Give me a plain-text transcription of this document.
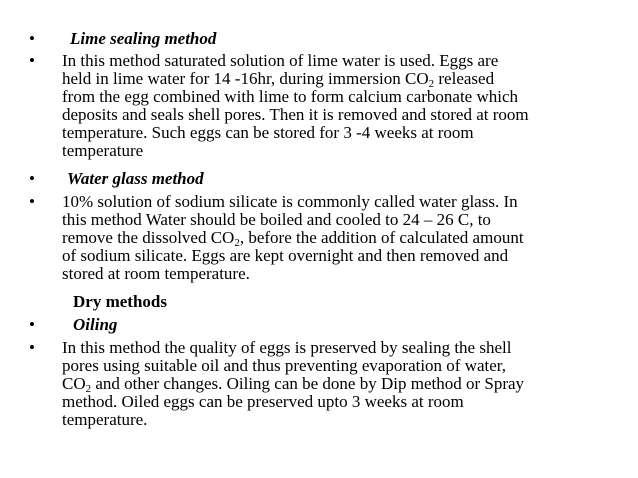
• Lime sealing method
• In this method saturated solution of lime water is used. Eggs are
held in lime water for 14 -16hr, during immersion $CO_2$ released
from the egg combined with lime to form calcium carbonate which
deposits and seals shell pores. Then it is removed and stored at room
temperature. Such eggs can be stored for 3 -4 weeks at room
temperature
• Water glass method
• 10% solution of sodium silicate is commonly called water glass. In
this method Water should be boiled and cooled to 24 – 26 C, to
remove the dissolved $CO_2$, before the addition of calculated amount
of sodium silicate. Eggs are kept overnight and then removed and
stored at room temperature.
Dry methods
• Oiling
• In this method the quality of eggs is preserved by sealing the shell
pores using suitable oil and thus preventing evaporation of water,
$CO_2$ and other changes. Oiling can be done by Dip method or Spray
method. Oiled eggs can be preserved upto 3 weeks at room
temperature.
